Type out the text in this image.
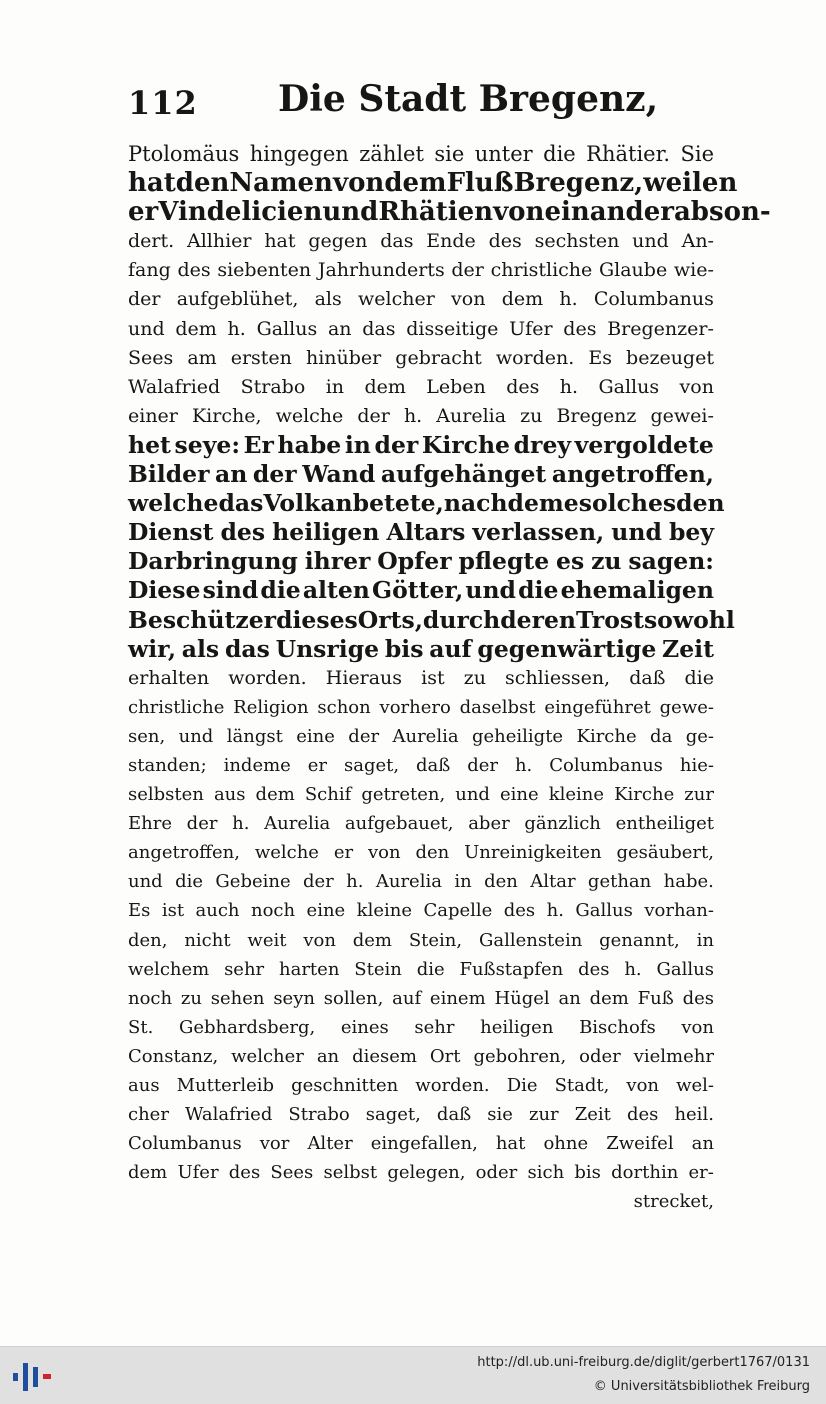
112 Die Stadt Bregenz,
Ptolomäus hingegen zählet sie unter die Rhätier. Sie
hat den Namen von dem Fluß Bregenz, weilen
er Vindelicien und Rhätien von einander abson-
dert. Allhier hat gegen das Ende des sechsten und An-
fang des siebenten Jahrhunderts der christliche Glaube wie-
der aufgeblühet, als welcher von dem h. Columbanus
und dem h. Gallus an das disseitige Ufer des Bregenzer-
Sees am ersten hinüber gebracht worden. Es bezeuget
Walafried Strabo in dem Leben des h. Gallus von
einer Kirche, welche der h. Aurelia zu Bregenz gewei-
het seye: Er habe in der Kirche drey vergoldete
Bilder an der Wand aufgehänget angetroffen,
welche das Volk anbetete, nachdeme solches den
Dienst des heiligen Altars verlassen, und bey
Darbringung ihrer Opfer pflegte es zu sagen:
Diese sind die alten Götter, und die ehemaligen
Beschützer dieses Orts, durch deren Trost so wohl
wir, als das Unsrige bis auf gegenwärtige Zeit
erhalten worden. Hieraus ist zu schliessen, daß die
christliche Religion schon vorhero daselbst eingeführet gewe-
sen, und längst eine der Aurelia geheiligte Kirche da ge-
standen; indeme er saget, daß der h. Columbanus hie-
selbsten aus dem Schif getreten, und eine kleine Kirche zur
Ehre der h. Aurelia aufgebauet, aber gänzlich entheiliget
angetroffen, welche er von den Unreinigkeiten gesäubert,
und die Gebeine der h. Aurelia in den Altar gethan habe.
Es ist auch noch eine kleine Capelle des h. Gallus vorhan-
den, nicht weit von dem Stein, Gallenstein genannt, in
welchem sehr harten Stein die Fußstapfen des h. Gallus
noch zu sehen seyn sollen, auf einem Hügel an dem Fuß des
St. Gebhardsberg, eines sehr heiligen Bischofs von
Constanz, welcher an diesem Ort gebohren, oder vielmehr
aus Mutterleib geschnitten worden. Die Stadt, von wel-
cher Walafried Strabo saget, daß sie zur Zeit des heil.
Columbanus vor Alter eingefallen, hat ohne Zweifel an
dem Ufer des Sees selbst gelegen, oder sich bis dorthin er-
strecket,
http://dl.ub.uni-freiburg.de/diglit/gerbert1767/0131
© Universitätsbibliothek Freiburg
